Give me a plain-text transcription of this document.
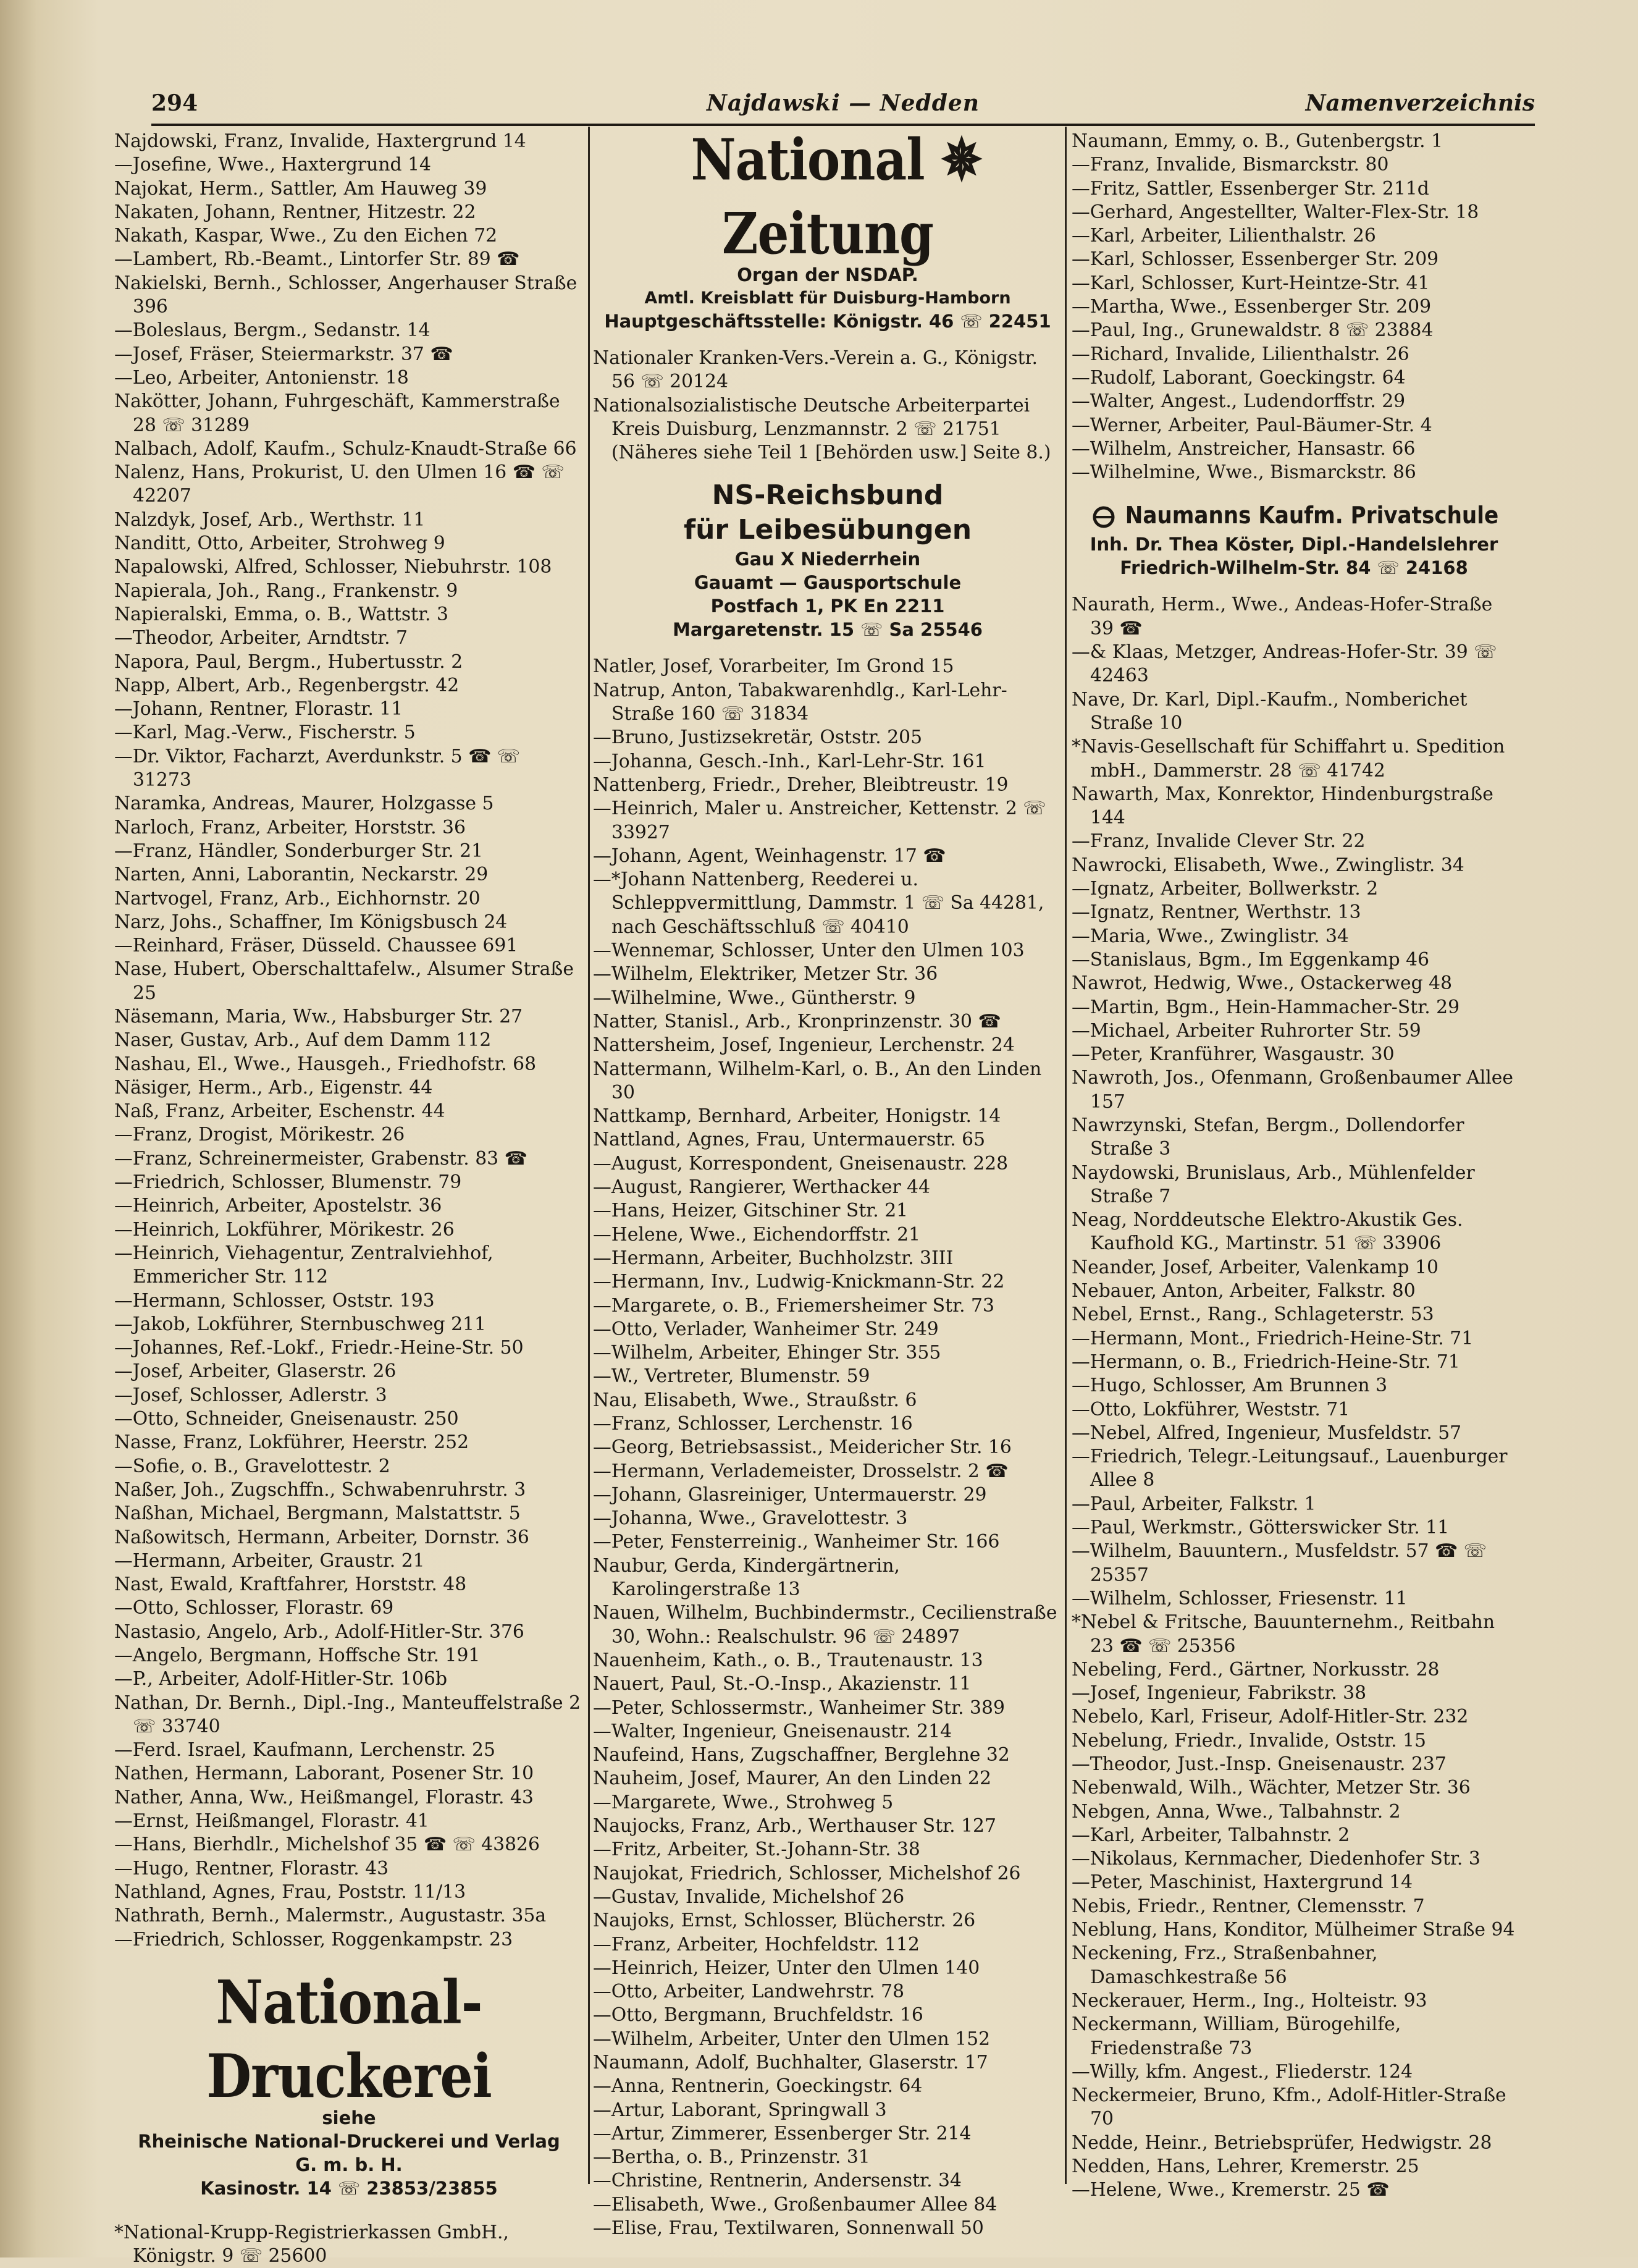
294	Najdawski — Nedden	Namenverzeichnis
Najdowski, Franz, Invalide, Haxtergrund 14
—Josefine, Wwe., Haxtergrund 14
Najokat, Herm., Sattler, Am Hauweg 39
Nakaten, Johann, Rentner, Hitzestr. 22
Nakath, Kaspar, Wwe., Zu den Eichen 72
—Lambert, Rb.-Beamt., Lintorfer Str. 89 ☎
Nakielski, Bernh., Schlosser, Angerhauser Straße 396
—Boleslaus, Bergm., Sedanstr. 14
—Josef, Fräser, Steiermarkstr. 37 ☎
—Leo, Arbeiter, Antonienstr. 18
Nakötter, Johann, Fuhrgeschäft, Kammerstraße 28 ☏ 31289
Nalbach, Adolf, Kaufm., Schulz-Knaudt-Straße 66
Nalenz, Hans, Prokurist, U. den Ulmen 16 ☎ ☏ 42207
Nalzdyk, Josef, Arb., Werthstr. 11
Nandi̇tt, Otto, Arbeiter, Strohweg 9
Napalowski, Alfred, Schlosser, Niebuhrstr. 108
Napierala, Joh., Rang., Frankenstr. 9
Napieralski, Emma, o. B., Wattstr. 3
—Theodor, Arbeiter, Arndtstr. 7
Napora, Paul, Bergm., Hubertusstr. 2
Napp, Albert, Arb., Regenbergstr. 42
—Johann, Rentner, Florastr. 11
—Karl, Mag.-Verw., Fischerstr. 5
—Dr. Viktor, Facharzt, Averdunkstr. 5 ☎ ☏ 31273
Naramka, Andreas, Maurer, Holzgasse 5
Narloch, Franz, Arbeiter, Horststr. 36
—Franz, Händler, Sonderburger Str. 21
Narten, Anni, Laborantin, Neckarstr. 29
Nartvogel, Franz, Arb., Eichhornstr. 20
Narz, Johs., Schaffner, Im Königsbusch 24
—Reinhard, Fräser, Düsseld. Chaussee 691
Nase, Hubert, Oberschalttafelw., Alsumer Straße 25
Näsemann, Maria, Ww., Habsburger Str. 27
Naser, Gustav, Arb., Auf dem Damm 112
Nashau, El., Wwe., Hausgeh., Friedhofstr. 68
Näsiger, Herm., Arb., Eigenstr. 44
Naß, Franz, Arbeiter, Eschenstr. 44
—Franz, Drogist, Mörikestr. 26
—Franz, Schreinermeister, Grabenstr. 83 ☎
—Friedrich, Schlosser, Blumenstr. 79
—Heinrich, Arbeiter, Apostelstr. 36
—Heinrich, Lokführer, Mörikestr. 26
—Heinrich, Viehagentur, Zentralviehhof, Emmericher Str. 112
—Hermann, Schlosser, Oststr. 193
—Jakob, Lokführer, Sternbuschweg 211
—Johannes, Ref.-Lokf., Friedr.-Heine-Str. 50
—Josef, Arbeiter, Glaserstr. 26
—Josef, Schlosser, Adlerstr. 3
—Otto, Schneider, Gneisenaustr. 250
Nasse, Franz, Lokführer, Heerstr. 252
—Sofie, o. B., Gravelottestr. 2
Naßer, Joh., Zugschffn., Schwabenruhrstr. 3
Naßhan, Michael, Bergmann, Malstattstr. 5
Naßowitsch, Hermann, Arbeiter, Dornstr. 36
—Hermann, Arbeiter, Graustr. 21
Nast, Ewald, Kraftfahrer, Horststr. 48
—Otto, Schlosser, Florastr. 69
Nastasio, Angelo, Arb., Adolf-Hitler-Str. 376
—Angelo, Bergmann, Hoffsche Str. 191
—P., Arbeiter, Adolf-Hitler-Str. 106b
Nathan, Dr. Bernh., Dipl.-Ing., Manteuffelstraße 2 ☏ 33740
—Ferd. Israel, Kaufmann, Lerchenstr. 25
Nathen, Hermann, Laborant, Posener Str. 10
Nather, Anna, Ww., Heißmangel, Florastr. 43
—Ernst, Heißmangel, Florastr. 41
—Hans, Bierhdlr., Michelshof 35 ☎ ☏ 43826
—Hugo, Rentner, Florastr. 43
Nathland, Agnes, Frau, Poststr. 11/13
Nathrath, Bernh., Malermstr., Augustastr. 35a
—Friedrich, Schlosser, Roggenkampstr. 23
National-Druckerei
siehe
Rheinische National-Druckerei und Verlag
G. m. b. H.
Kasinostr. 14 ☏ 23853/23855
*National-Krupp-Registrierkassen GmbH., Königstr. 9 ☏ 25600
National ✵ Zeitung
Organ der NSDAP.
Amtl. Kreisblatt für Duisburg-Hamborn
Hauptgeschäftsstelle: Königstr. 46 ☏ 22451
Nationaler Kranken-Vers.-Verein a. G., Königstr. 56 ☏ 20124
Nationalsozialistische Deutsche Arbeiterpartei Kreis Duisburg, Lenzmannstr. 2 ☏ 21751 (Näheres siehe Teil 1 [Behörden usw.] Seite 8.)
NS-Reichsbund
für Leibesübungen
Gau X Niederrhein
Gauamt — Gausportschule
Postfach 1, PK En 2211
Margaretenstr. 15 ☏ Sa 25546
Natler, Josef, Vorarbeiter, Im Grond 15
Natrup, Anton, Tabakwarenhdlg., Karl-Lehr-Straße 160 ☏ 31834
—Bruno, Justizsekretär, Oststr. 205
—Johanna, Gesch.-Inh., Karl-Lehr-Str. 161
Nattenberg, Friedr., Dreher, Bleibtreustr. 19
—Heinrich, Maler u. Anstreicher, Kettenstr. 2 ☏ 33927
—Johann, Agent, Weinhagenstr. 17 ☎
—*Johann Nattenberg, Reederei u. Schleppvermittlung, Dammstr. 1 ☏ Sa 44281, nach Geschäftsschluß ☏ 40410
—Wennemar, Schlosser, Unter den Ulmen 103
—Wilhelm, Elektriker, Metzer Str. 36
—Wilhelmine, Wwe., Güntherstr. 9
Natter, Stanisl., Arb., Kronprinzenstr. 30 ☎
Nattersheim, Josef, Ingenieur, Lerchenstr. 24
Nattermann, Wilhelm-Karl, o. B., An den Linden 30
Nattkamp, Bernhard, Arbeiter, Honigstr. 14
Nattland, Agnes, Frau, Untermauerstr. 65
—August, Korrespondent, Gneisenaustr. 228
—August, Rangierer, Werthacker 44
—Hans, Heizer, Gitschiner Str. 21
—Helene, Wwe., Eichendorffstr. 21
—Hermann, Arbeiter, Buchholzstr. 3III
—Hermann, Inv., Ludwig-Knickmann-Str. 22
—Margarete, o. B., Friemersheimer Str. 73
—Otto, Verlader, Wanheimer Str. 249
—Wilhelm, Arbeiter, Ehinger Str. 355
—W., Vertreter, Blumenstr. 59
Nau, Elisabeth, Wwe., Straußstr. 6
—Franz, Schlosser, Lerchenstr. 16
—Georg, Betriebsassist., Meidericher Str. 16
—Hermann, Verlademeister, Drosselstr. 2 ☎
—Johann, Glasreiniger, Untermauerstr. 29
—Johanna, Wwe., Gravelottestr. 3
—Peter, Fensterreinig., Wanheimer Str. 166
Naubur, Gerda, Kindergärtnerin, Karolingerstraße 13
Nauen, Wilhelm, Buchbindermstr., Cecilienstraße 30, Wohn.: Realschulstr. 96 ☏ 24897
Nauenheim, Kath., o. B., Trautenaustr. 13
Nauert, Paul, St.-O.-Insp., Akazienstr. 11
—Peter, Schlossermstr., Wanheimer Str. 389
—Walter, Ingenieur, Gneisenaustr. 214
Naufeind, Hans, Zugschaffner, Berglehne 32
Nauheim, Josef, Maurer, An den Linden 22
—Margarete, Wwe., Strohweg 5
Naujocks, Franz, Arb., Werthauser Str. 127
—Fritz, Arbeiter, St.-Johann-Str. 38
Naujokat, Friedrich, Schlosser, Michelshof 26
—Gustav, Invalide, Michelshof 26
Naujoks, Ernst, Schlosser, Blücherstr. 26
—Franz, Arbeiter, Hochfeldstr. 112
—Heinrich, Heizer, Unter den Ulmen 140
—Otto, Arbeiter, Landwehrstr. 78
—Otto, Bergmann, Bruchfeldstr. 16
—Wilhelm, Arbeiter, Unter den Ulmen 152
Naumann, Adolf, Buchhalter, Glaserstr. 17
—Anna, Rentnerin, Goeckingstr. 64
—Artur, Laborant, Springwall 3
—Artur, Zimmerer, Essenberger Str. 214
—Bertha, o. B., Prinzenstr. 31
—Christine, Rentnerin, Andersenstr. 34
—Elisabeth, Wwe., Großenbaumer Allee 84
—Elise, Frau, Textilwaren, Sonnenwall 50
Naumann, Emmy, o. B., Gutenbergstr. 1
—Franz, Invalide, Bismarckstr. 80
—Fritz, Sattler, Essenberger Str. 211d
—Gerhard, Angestellter, Walter-Flex-Str. 18
—Karl, Arbeiter, Lilienthalstr. 26
—Karl, Schlosser, Essenberger Str. 209
—Karl, Schlosser, Kurt-Heintze-Str. 41
—Martha, Wwe., Essenberger Str. 209
—Paul, Ing., Grunewaldstr. 8 ☏ 23884
—Richard, Invalide, Lilienthalstr. 26
—Rudolf, Laborant, Goeckingstr. 64
—Walter, Angest., Ludendorffstr. 29
—Werner, Arbeiter, Paul-Bäumer-Str. 4
—Wilhelm, Anstreicher, Hansastr. 66
—Wilhelmine, Wwe., Bismarckstr. 86
Naumanns Kaufm. Privatschule
Inh. Dr. Thea Köster, Dipl.-Handelslehrer
Friedrich-Wilhelm-Str. 84 ☏ 24168
Naurath, Herm., Wwe., Andeas-Hofer-Straße 39 ☎
—& Klaas, Metzger, Andreas-Hofer-Str. 39 ☏ 42463
Nave, Dr. Karl, Dipl.-Kaufm., Nomberichet Straße 10
*Navis-Gesellschaft für Schiffahrt u. Spedition mbH., Dammerstr. 28 ☏ 41742
Nawarth, Max, Konrektor, Hindenburgstraße 144
—Franz, Invalide Clever Str. 22
Nawrocki, Elisabeth, Wwe., Zwinglistr. 34
—Ignatz, Arbeiter, Bollwerkstr. 2
—Ignatz, Rentner, Werthstr. 13
—Maria, Wwe., Zwinglistr. 34
—Stanislaus, Bgm., Im Eggenkamp 46
Nawrot, Hedwig, Wwe., Ostackerweg 48
—Martin, Bgm., Hein-Hammacher-Str. 29
—Michael, Arbeiter Ruhrorter Str. 59
—Peter, Kranführer, Wasgaustr. 30
Nawroth, Jos., Ofenmann, Großenbaumer Allee 157
Nawrzynski, Stefan, Bergm., Dollendorfer Straße 3
Naydowski, Brunislaus, Arb., Mühlenfelder Straße 7
Neag, Norddeutsche Elektro-Akustik Ges. Kaufhold KG., Martinstr. 51 ☏ 33906
Neander, Josef, Arbeiter, Valenkamp 10
Nebauer, Anton, Arbeiter, Falkstr. 80
Nebel, Ernst., Rang., Schlageterstr. 53
—Hermann, Mont., Friedrich-Heine-Str. 71
—Hermann, o. B., Friedrich-Heine-Str. 71
—Hugo, Schlosser, Am Brunnen 3
—Otto, Lokführer, Weststr. 71
—Nebel, Alfred, Ingenieur, Musfeldstr. 57
—Friedrich, Telegr.-Leitungsauf., Lauenburger Allee 8
—Paul, Arbeiter, Falkstr. 1
—Paul, Werkmstr., Götterswicker Str. 11
—Wilhelm, Bauuntern., Musfeldstr. 57 ☎ ☏ 25357
—Wilhelm, Schlosser, Friesenstr. 11
*Nebel & Fritsche, Bauunternehm., Reitbahn 23 ☎ ☏ 25356
Nebeling, Ferd., Gärtner, Norkusstr. 28
—Josef, Ingenieur, Fabrikstr. 38
Nebelo, Karl, Friseur, Adolf-Hitler-Str. 232
Nebelung, Friedr., Invalide, Oststr. 15
—Theodor, Just.-Insp. Gneisenaustr. 237
Nebenwald, Wilh., Wächter, Metzer Str. 36
Nebgen, Anna, Wwe., Talbahnstr. 2
—Karl, Arbeiter, Talbahnstr. 2
—Nikolaus, Kernmacher, Diedenhofer Str. 3
—Peter, Maschinist, Haxtergrund 14
Nebis, Friedr., Rentner, Clemensstr. 7
Neblung, Hans, Konditor, Mülheimer Straße 94
Neckening, Frz., Straßenbahner, Damaschkestraße 56
Neckerauer, Herm., Ing., Holteistr. 93
Neckermann, William, Bürogehilfe, Friedenstraße 73
—Willy, kfm. Angest., Fliederstr. 124
Neckermeier, Bruno, Kfm., Adolf-Hitler-Straße 70
Nedde, Heinr., Betriebsprüfer, Hedwigstr. 28
Nedden, Hans, Lehrer, Kremerstr. 25
—Helene, Wwe., Kremerstr. 25 ☎
